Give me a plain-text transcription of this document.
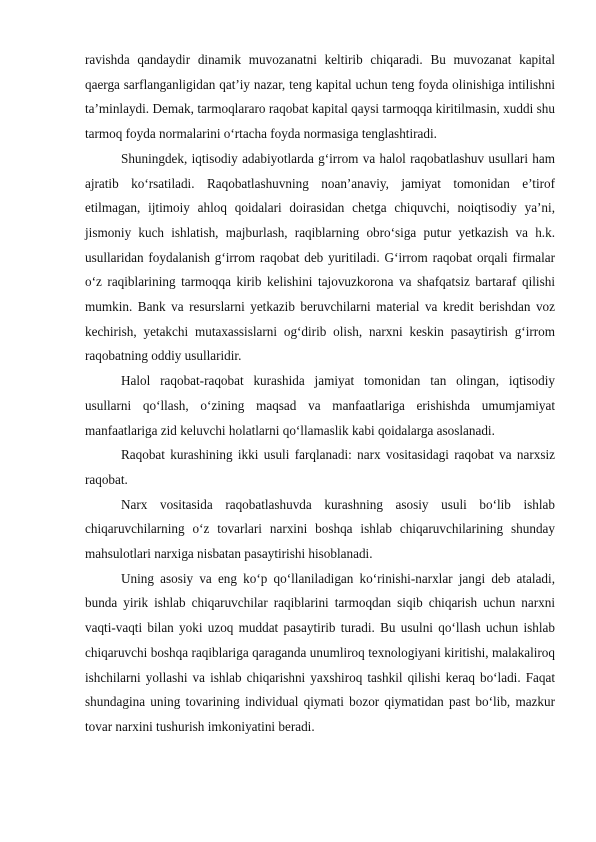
ravishda qandaydir dinamik muvozanatni keltirib chiqaradi. Bu muvozanat kapital qaerga sarflanganligidan qat’iy nazar, teng kapital uchun teng foyda olinishiga intilishni ta’minlaydi. Demak, tarmoqlararo raqobat kapital qaysi tarmoqqa kiritilmasin, xuddi shu tarmoq foyda normalarini o‘rtacha foyda normasiga tenglashtiradi.

Shuningdek, iqtisodiy adabiyotlarda g‘irrom va halol raqobatlashuv usullari ham ajratib ko‘rsatiladi. Raqobatlashuvning noan’anaviy, jamiyat tomonidan e’tirof etilmagan, ijtimoiy ahloq qoidalari doirasidan chetga chiquvchi, noiqtisodiy ya’ni, jismoniy kuch ishlatish, majburlash, raqiblarning obro‘siga putur yetkazish va h.k. usullaridan foydalanish g‘irrom raqobat deb yuritiladi. G‘irrom raqobat orqali firmalar o‘z raqiblarining tarmoqqa kirib kelishini tajovuzkorona va shafqatsiz bartaraf qilishi mumkin. Bank va resurslarni yetkazib beruvchilarni material va kredit berishdan voz kechirish, yetakchi mutaxassislarni og‘dirib olish, narxni keskin pasaytirish g‘irrom raqobatning oddiy usullaridir.

Halol raqobat-raqobat kurashida jamiyat tomonidan tan olingan, iqtisodiy usullarni qo‘llash, o‘zining maqsad va manfaatlariga erishishda umumjamiyat manfaatlariga zid keluvchi holatlarni qo‘llamaslik kabi qoidalarga asoslanadi.

Raqobat kurashining ikki usuli farqlanadi: narx vositasidagi raqobat va narxsiz raqobat.

Narx vositasida raqobatlashuvda kurashning asosiy usuli bo‘lib ishlab chiqaruvchilarning o‘z tovarlari narxini boshqa ishlab chiqaruvchilarining shunday mahsulotlari narxiga nisbatan pasaytirishi hisoblanadi.

Uning asosiy va eng ko‘p qo‘llaniladigan ko‘rinishi-narxlar jangi deb ataladi, bunda yirik ishlab chiqaruvchilar raqiblarini tarmoqdan siqib chiqarish uchun narxni vaqti-vaqti bilan yoki uzoq muddat pasaytirib turadi. Bu usulni qo‘llash uchun ishlab chiqaruvchi boshqa raqiblariga qaraganda unumliroq texnologiyani kiritishi, malakaliroq ishchilarni yollashi va ishlab chiqarishni yaxshiroq tashkil qilishi keraq bo‘ladi. Faqat shundagina uning tovarining individual qiymati bozor qiymatidan past bo‘lib, mazkur tovar narxini tushurish imkoniyatini beradi.
